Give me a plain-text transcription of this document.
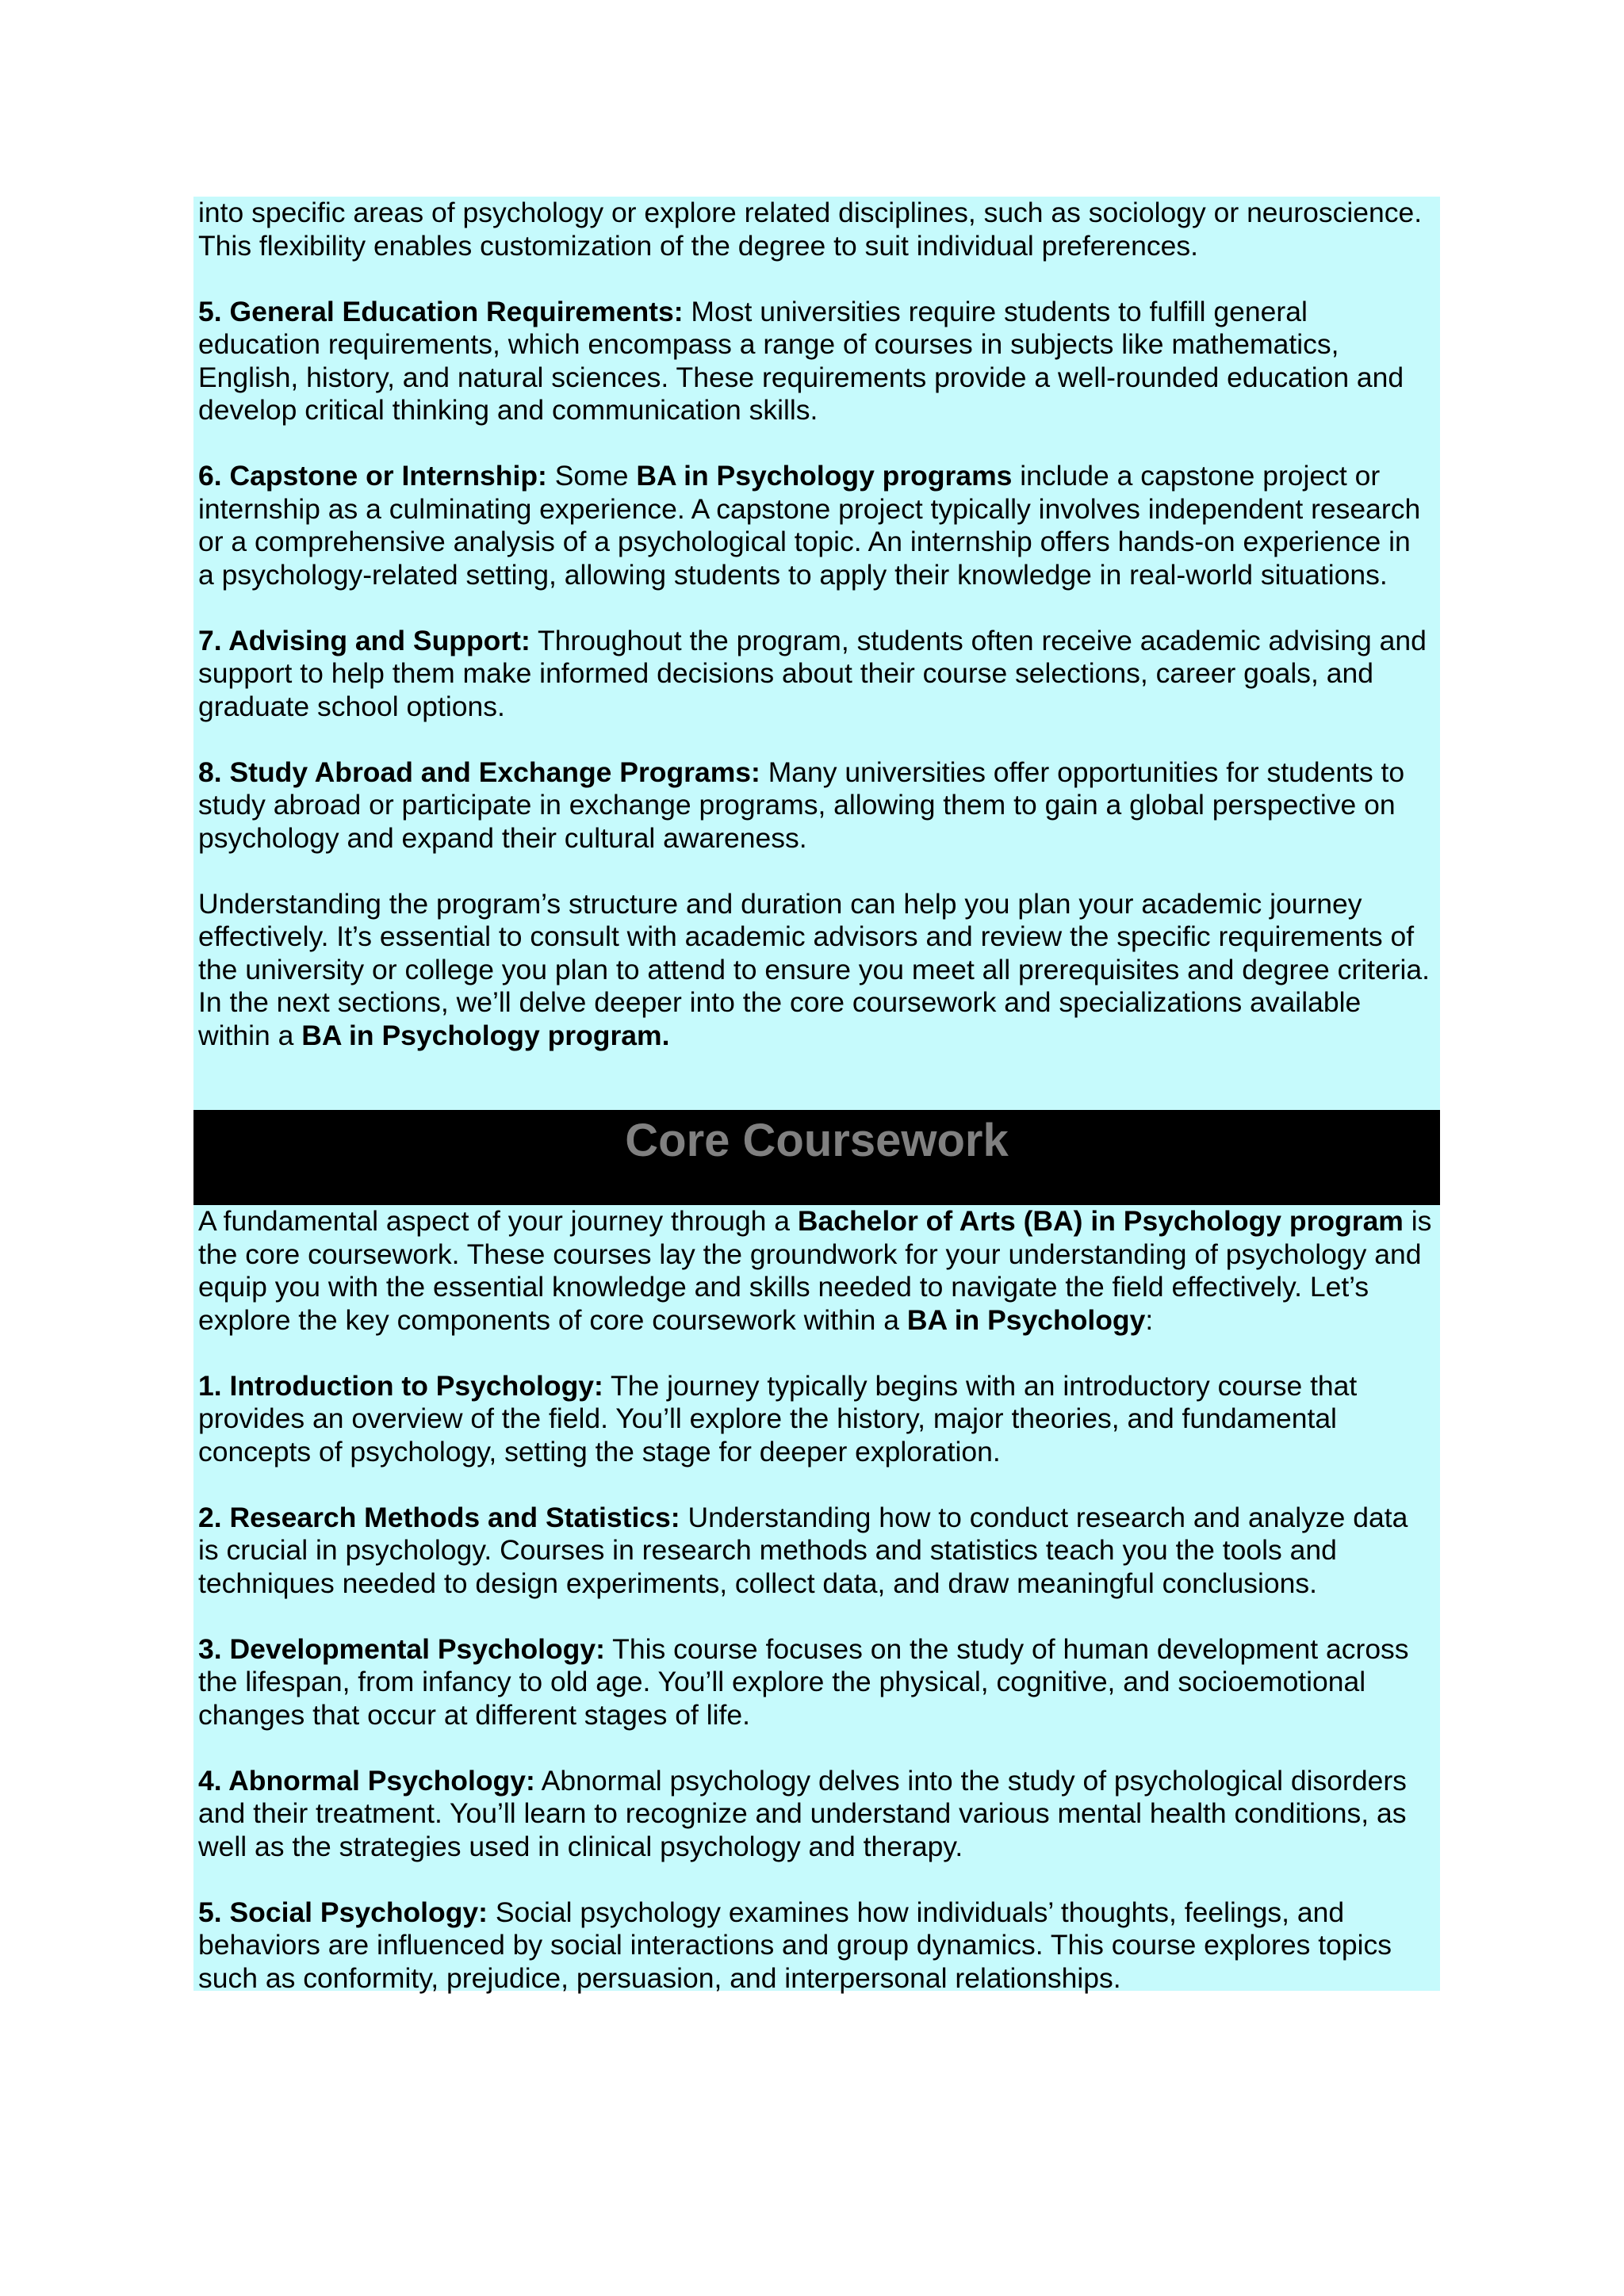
into specific areas of psychology or explore related disciplines, such as sociology or neuroscience. This flexibility enables customization of the degree to suit individual preferences.

5. General Education Requirements: Most universities require students to fulfill general education requirements, which encompass a range of courses in subjects like mathematics, English, history, and natural sciences. These requirements provide a well-rounded education and develop critical thinking and communication skills.

6. Capstone or Internship: Some BA in Psychology programs include a capstone project or internship as a culminating experience. A capstone project typically involves independent research or a comprehensive analysis of a psychological topic. An internship offers hands-on experience in a psychology-related setting, allowing students to apply their knowledge in real-world situations.

7. Advising and Support: Throughout the program, students often receive academic advising and support to help them make informed decisions about their course selections, career goals, and graduate school options.

8. Study Abroad and Exchange Programs: Many universities offer opportunities for students to study abroad or participate in exchange programs, allowing them to gain a global perspective on psychology and expand their cultural awareness.

Understanding the program’s structure and duration can help you plan your academic journey effectively. It’s essential to consult with academic advisors and review the specific requirements of the university or college you plan to attend to ensure you meet all prerequisites and degree criteria. In the next sections, we’ll delve deeper into the core coursework and specializations available within a BA in Psychology program.

Core Coursework

A fundamental aspect of your journey through a Bachelor of Arts (BA) in Psychology program is the core coursework. These courses lay the groundwork for your understanding of psychology and equip you with the essential knowledge and skills needed to navigate the field effectively. Let’s explore the key components of core coursework within a BA in Psychology:

1. Introduction to Psychology: The journey typically begins with an introductory course that provides an overview of the field. You’ll explore the history, major theories, and fundamental concepts of psychology, setting the stage for deeper exploration.

2. Research Methods and Statistics: Understanding how to conduct research and analyze data is crucial in psychology. Courses in research methods and statistics teach you the tools and techniques needed to design experiments, collect data, and draw meaningful conclusions.

3. Developmental Psychology: This course focuses on the study of human development across the lifespan, from infancy to old age. You’ll explore the physical, cognitive, and socioemotional changes that occur at different stages of life.

4. Abnormal Psychology: Abnormal psychology delves into the study of psychological disorders and their treatment. You’ll learn to recognize and understand various mental health conditions, as well as the strategies used in clinical psychology and therapy.

5. Social Psychology: Social psychology examines how individuals’ thoughts, feelings, and behaviors are influenced by social interactions and group dynamics. This course explores topics such as conformity, prejudice, persuasion, and interpersonal relationships.
